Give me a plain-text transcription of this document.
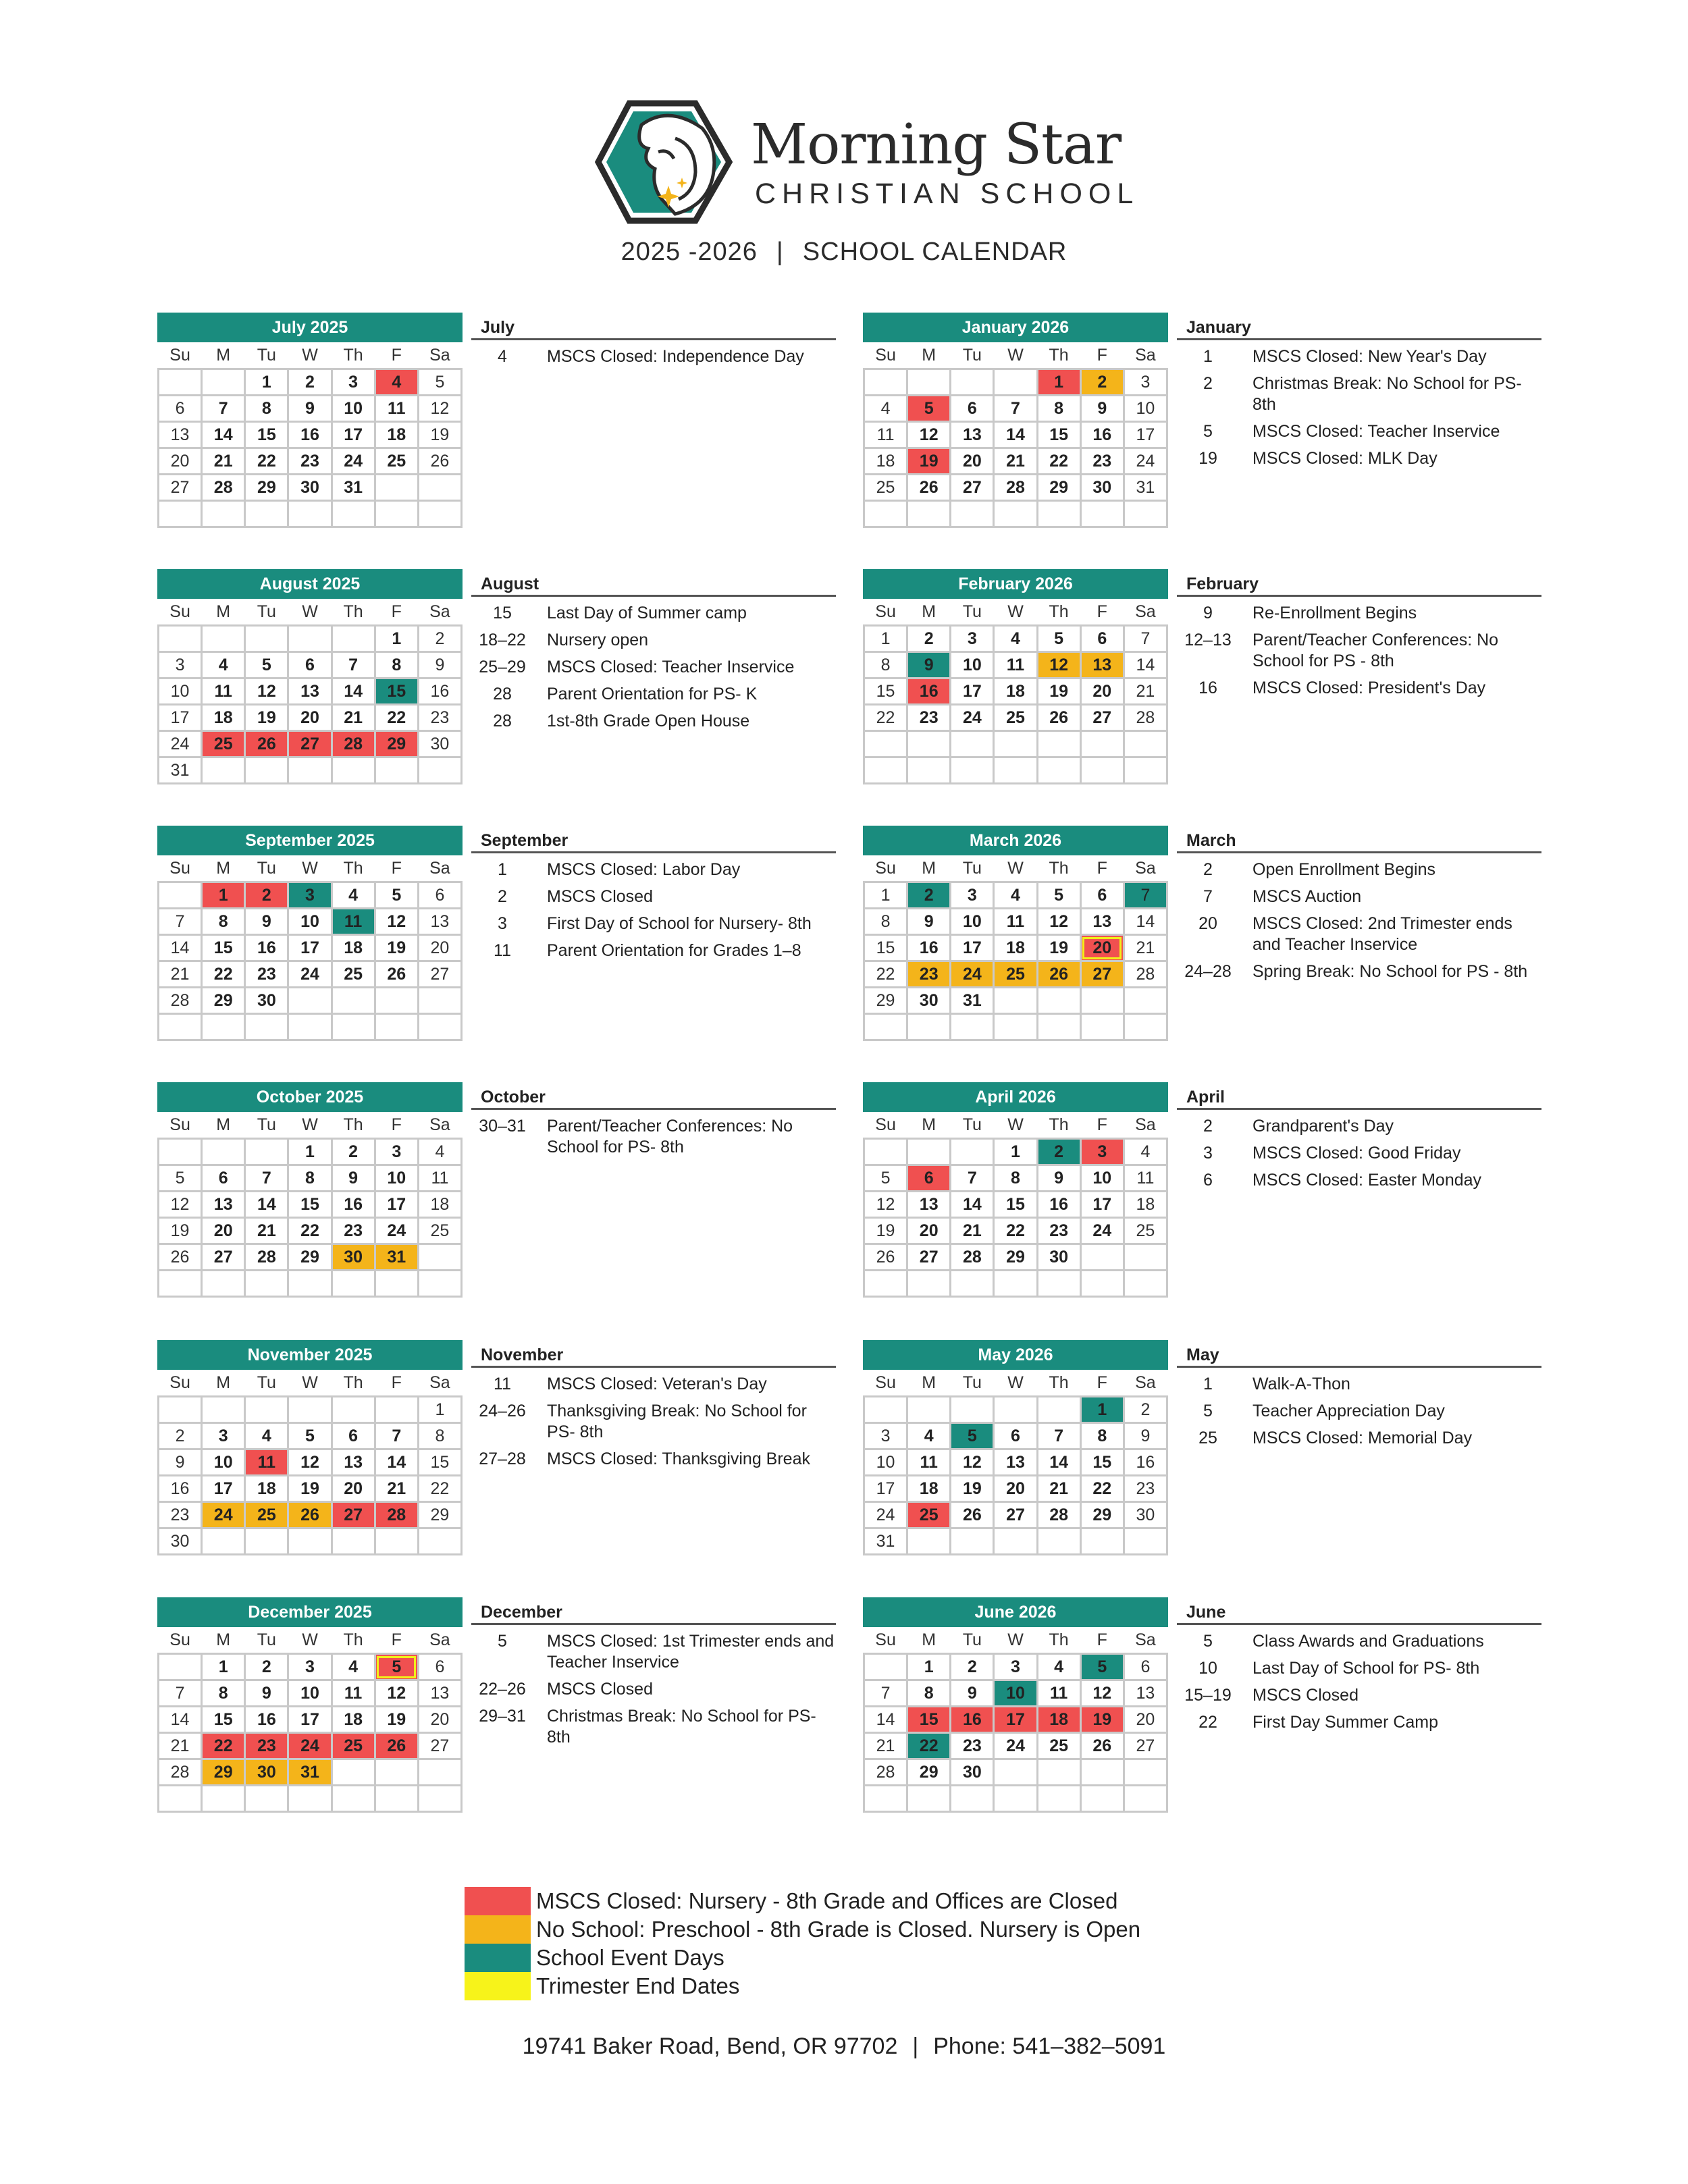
Morning Star
CHRISTIAN SCHOOL
2025 -2026 | SCHOOL CALENDAR
July 2025						
Su	M	Tu	W	Th	F	Sa
		1	2	3	4	5
6	7	8	9	10	11	12
13	14	15	16	17	18	19
20	21	22	23	24	25	26
27	28	29	30	31		

July
4	MSCS Closed: Independence Day
January 2026						
Su	M	Tu	W	Th	F	Sa
				1	2	3
4	5	6	7	8	9	10
11	12	13	14	15	16	17
18	19	20	21	22	23	24
25	26	27	28	29	30	31

January
1	MSCS Closed: New Year's Day
2	Christmas Break: No School for PS- 8th
5	MSCS Closed: Teacher Inservice
19	MSCS Closed: MLK Day
August 2025						
Su	M	Tu	W	Th	F	Sa
					1	2
3	4	5	6	7	8	9
10	11	12	13	14	15	16
17	18	19	20	21	22	23
24	25	26	27	28	29	30
31						
August
15	Last Day of Summer camp
18–22	Nursery open
25–29	MSCS Closed: Teacher Inservice
28	Parent Orientation for PS- K
28	1st-8th Grade Open House
February 2026						
Su	M	Tu	W	Th	F	Sa
1	2	3	4	5	6	7
8	9	10	11	12	13	14
15	16	17	18	19	20	21
22	23	24	25	26	27	28

February
9	Re-Enrollment Begins
12–13	Parent/Teacher Conferences: No School for PS - 8th
16	MSCS Closed: President's Day
September 2025						
Su	M	Tu	W	Th	F	Sa
	1	2	3	4	5	6
7	8	9	10	11	12	13
14	15	16	17	18	19	20
21	22	23	24	25	26	27
28	29	30				

September
1	MSCS Closed: Labor Day
2	MSCS Closed
3	First Day of School for Nursery- 8th
11	Parent Orientation for Grades 1–8
March 2026						
Su	M	Tu	W	Th	F	Sa
1	2	3	4	5	6	7
8	9	10	11	12	13	14
15	16	17	18	19	20	21
22	23	24	25	26	27	28
29	30	31				

March
2	Open Enrollment Begins
7	MSCS Auction
20	MSCS Closed: 2nd Trimester ends and Teacher Inservice
24–28	Spring Break: No School for PS - 8th
October 2025						
Su	M	Tu	W	Th	F	Sa
			1	2	3	4
5	6	7	8	9	10	11
12	13	14	15	16	17	18
19	20	21	22	23	24	25
26	27	28	29	30	31	

October
30–31	Parent/Teacher Conferences: No School for PS- 8th
April 2026						
Su	M	Tu	W	Th	F	Sa
			1	2	3	4
5	6	7	8	9	10	11
12	13	14	15	16	17	18
19	20	21	22	23	24	25
26	27	28	29	30		

April
2	Grandparent's Day
3	MSCS Closed: Good Friday
6	MSCS Closed: Easter Monday
November 2025						
Su	M	Tu	W	Th	F	Sa
						1
2	3	4	5	6	7	8
9	10	11	12	13	14	15
16	17	18	19	20	21	22
23	24	25	26	27	28	29
30						
November
11	MSCS Closed: Veteran's Day
24–26	Thanksgiving Break: No School for PS- 8th
27–28	MSCS Closed: Thanksgiving Break
May 2026						
Su	M	Tu	W	Th	F	Sa
					1	2
3	4	5	6	7	8	9
10	11	12	13	14	15	16
17	18	19	20	21	22	23
24	25	26	27	28	29	30
31						
May
1	Walk-A-Thon
5	Teacher Appreciation Day
25	MSCS Closed: Memorial Day
December 2025						
Su	M	Tu	W	Th	F	Sa
	1	2	3	4	5	6
7	8	9	10	11	12	13
14	15	16	17	18	19	20
21	22	23	24	25	26	27
28	29	30	31			

December
5	MSCS Closed: 1st Trimester ends and Teacher Inservice
22–26	MSCS Closed
29–31	Christmas Break: No School for PS- 8th
June 2026						
Su	M	Tu	W	Th	F	Sa
	1	2	3	4	5	6
7	8	9	10	11	12	13
14	15	16	17	18	19	20
21	22	23	24	25	26	27
28	29	30				

June
5	Class Awards and Graduations
10	Last Day of School for PS- 8th
15–19	MSCS Closed
22	First Day Summer Camp
MSCS Closed: Nursery - 8th Grade and Offices are Closed
No School: Preschool - 8th Grade is Closed. Nursery is Open
School Event Days
Trimester End Dates
19741 Baker Road, Bend, OR 97702 | Phone: 541–382–5091
